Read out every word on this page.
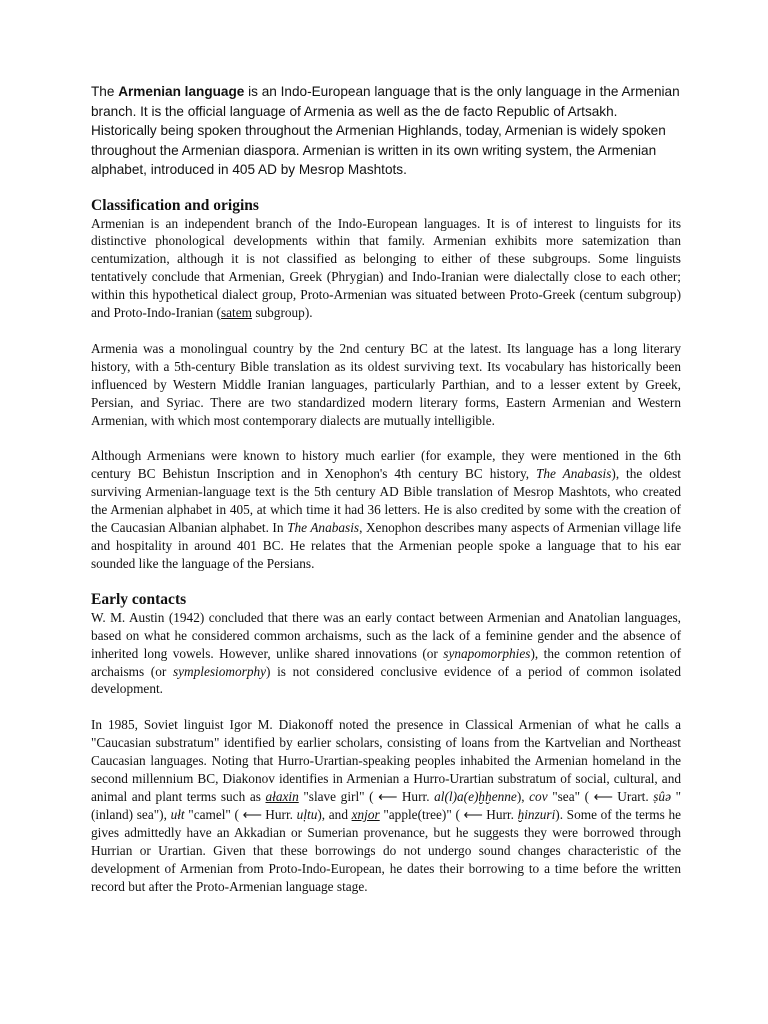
The Armenian language is an Indo-European language that is the only language in the Armenian branch. It is the official language of Armenia as well as the de facto Republic of Artsakh. Historically being spoken throughout the Armenian Highlands, today, Armenian is widely spoken throughout the Armenian diaspora. Armenian is written in its own writing system, the Armenian alphabet, introduced in 405 AD by Mesrop Mashtots.

Classification and origins

Armenian is an independent branch of the Indo-European languages. It is of interest to linguists for its distinctive phonological developments within that family. Armenian exhibits more satemization than centumization, although it is not classified as belonging to either of these subgroups. Some linguists tentatively conclude that Armenian, Greek (Phrygian) and Indo-Iranian were dialectally close to each other; within this hypothetical dialect group, Proto-Armenian was situated between Proto-Greek (centum subgroup) and Proto-Indo-Iranian (satem subgroup).

Armenia was a monolingual country by the 2nd century BC at the latest. Its language has a long literary history, with a 5th-century Bible translation as its oldest surviving text. Its vocabulary has historically been influenced by Western Middle Iranian languages, particularly Parthian, and to a lesser extent by Greek, Persian, and Syriac. There are two standardized modern literary forms, Eastern Armenian and Western Armenian, with which most contemporary dialects are mutually intelligible.

Although Armenians were known to history much earlier (for example, they were mentioned in the 6th century BC Behistun Inscription and in Xenophon's 4th century BC history, The Anabasis), the oldest surviving Armenian-language text is the 5th century AD Bible translation of Mesrop Mashtots, who created the Armenian alphabet in 405, at which time it had 36 letters. He is also credited by some with the creation of the Caucasian Albanian alphabet. In The Anabasis, Xenophon describes many aspects of Armenian village life and hospitality in around 401 BC. He relates that the Armenian people spoke a language that to his ear sounded like the language of the Persians.

Early contacts

W. M. Austin (1942) concluded that there was an early contact between Armenian and Anatolian languages, based on what he considered common archaisms, such as the lack of a feminine gender and the absence of inherited long vowels. However, unlike shared innovations (or synapomorphies), the common retention of archaisms (or symplesiomorphy) is not considered conclusive evidence of a period of common isolated development.

In 1985, Soviet linguist Igor M. Diakonoff noted the presence in Classical Armenian of what he calls a "Caucasian substratum" identified by earlier scholars, consisting of loans from the Kartvelian and Northeast Caucasian languages. Noting that Hurro-Urartian-speaking peoples inhabited the Armenian homeland in the second millennium BC, Diakonov identifies in Armenian a Hurro-Urartian substratum of social, cultural, and animal and plant terms such as ałaxin "slave girl" ( ⟵ Hurr. al(l)a(e)ḫḫenne), cov "sea" ( ⟵ Urart. ṣûǝ "(inland) sea"), ułt "camel" ( ⟵ Hurr. uḷtu), and xnjor "apple(tree)" ( ⟵ Hurr. ḫinzuri). Some of the terms he gives admittedly have an Akkadian or Sumerian provenance, but he suggests they were borrowed through Hurrian or Urartian. Given that these borrowings do not undergo sound changes characteristic of the development of Armenian from Proto-Indo-European, he dates their borrowing to a time before the written record but after the Proto-Armenian language stage.
